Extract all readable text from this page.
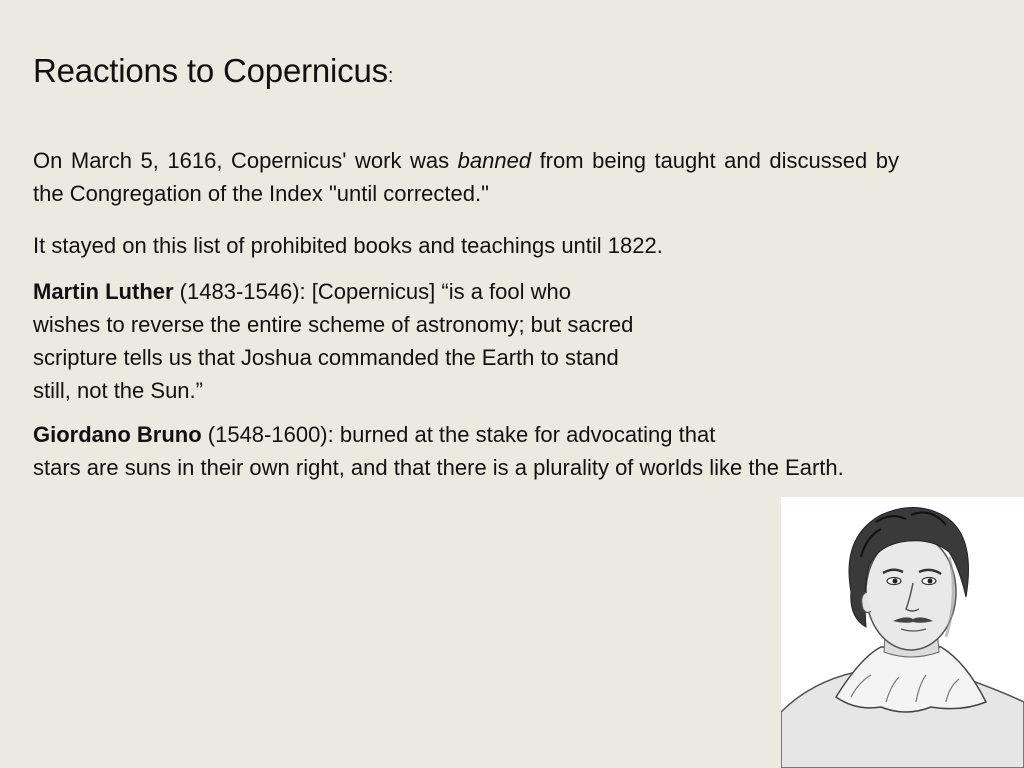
Reactions to Copernicus:
On March 5, 1616, Copernicus' work was banned from being taught and discussed by the Congregation of the Index "until corrected."
It stayed on this list of prohibited books and teachings until 1822.
Martin Luther (1483-1546): [Copernicus] “is a fool who wishes to reverse the entire scheme of astronomy; but sacred scripture tells us that Joshua commanded the Earth to stand still, not the Sun.”
Giordano Bruno (1548-1600): burned at the stake for advocating that stars are suns in their own right, and that there is a plurality of worlds like the Earth.
